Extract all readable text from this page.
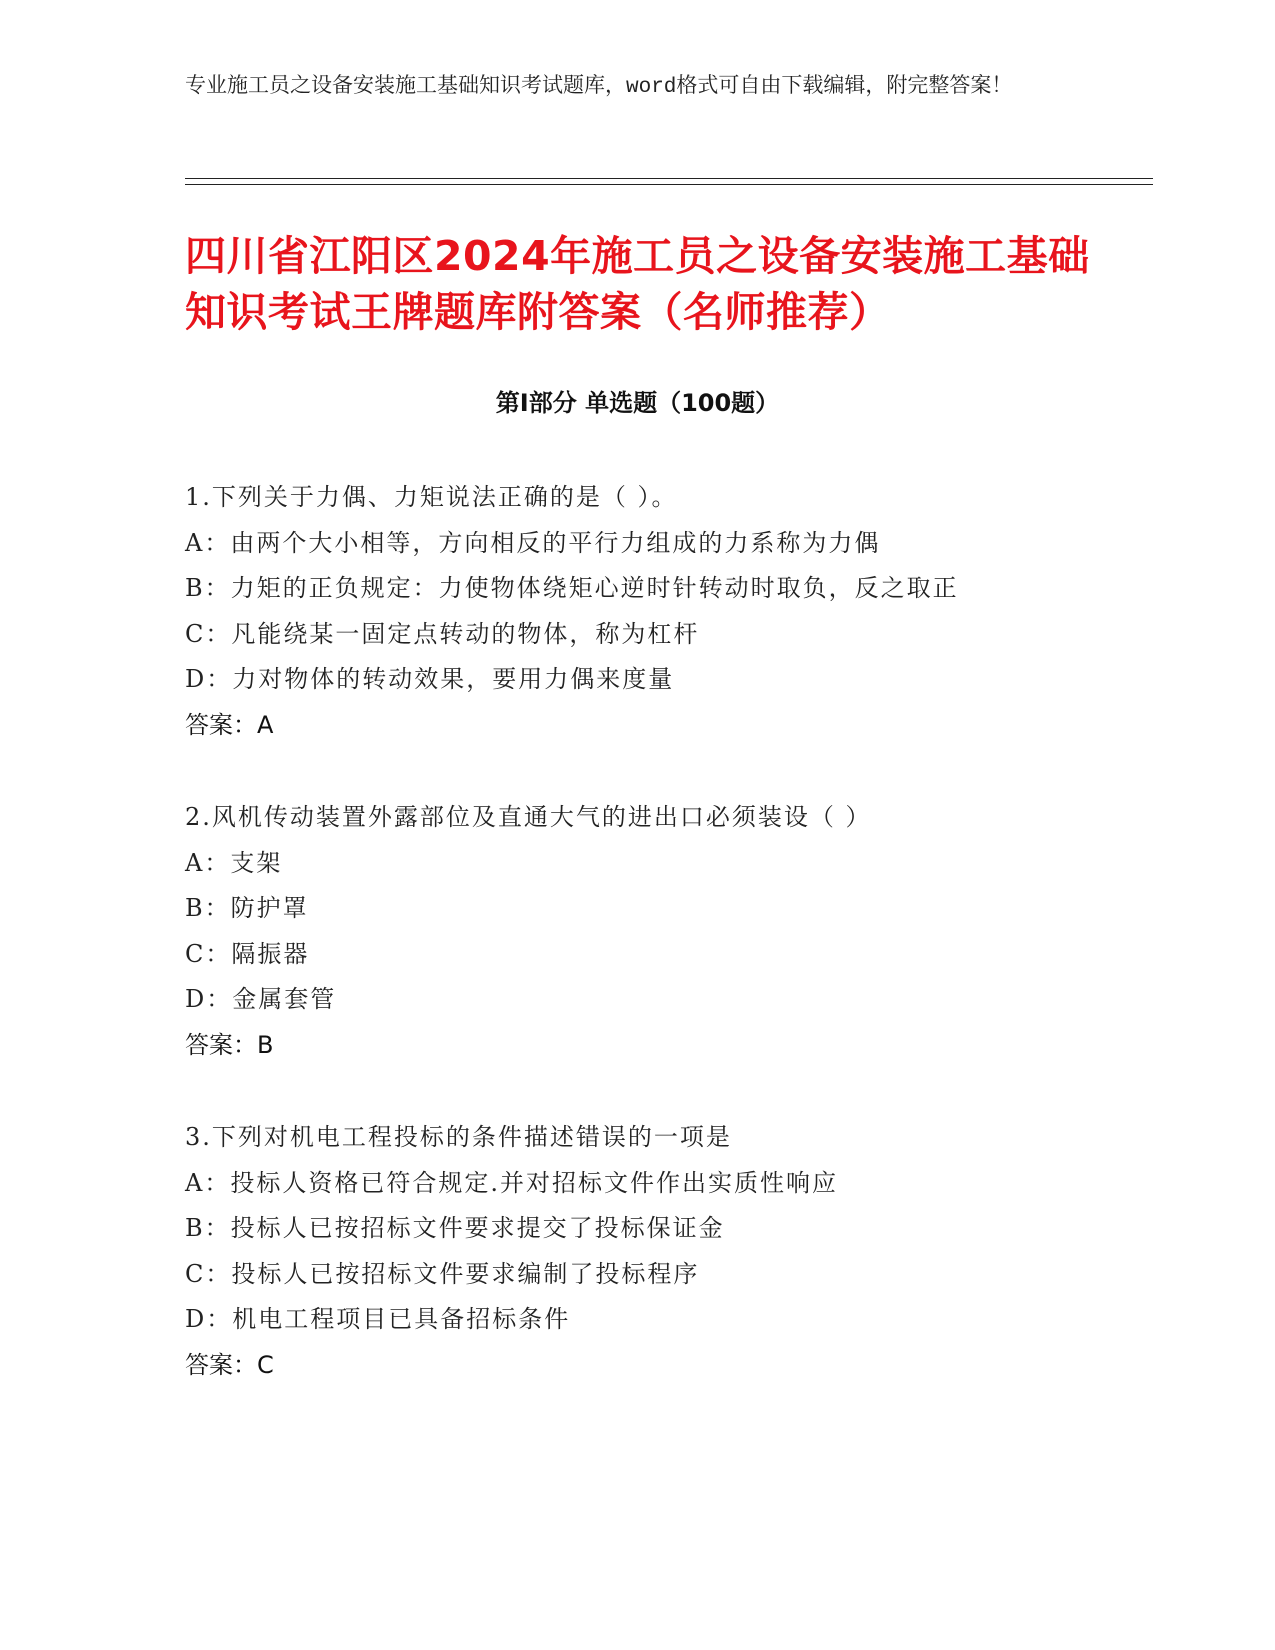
专业施工员之设备安装施工基础知识考试题库，word格式可自由下载编辑，附完整答案！
四川省江阳区2024年施工员之设备安装施工基础知识考试王牌题库附答案（名师推荐）
第Ⅰ部分 单选题（100题）
1.下列关于力偶、力矩说法正确的是（ ）。
A：由两个大小相等，方向相反的平行力组成的力系称为力偶
B：力矩的正负规定：力使物体绕矩心逆时针转动时取负，反之取正
C：凡能绕某一固定点转动的物体，称为杠杆
D：力对物体的转动效果，要用力偶来度量
答案：A
2.风机传动装置外露部位及直通大气的进出口必须装设（ ）
A：支架
B：防护罩
C：隔振器
D：金属套管
答案：B
3.下列对机电工程投标的条件描述错误的一项是
A：投标人资格已符合规定.并对招标文件作出实质性响应
B：投标人已按招标文件要求提交了投标保证金
C：投标人已按招标文件要求编制了投标程序
D：机电工程项目已具备招标条件
答案：C
